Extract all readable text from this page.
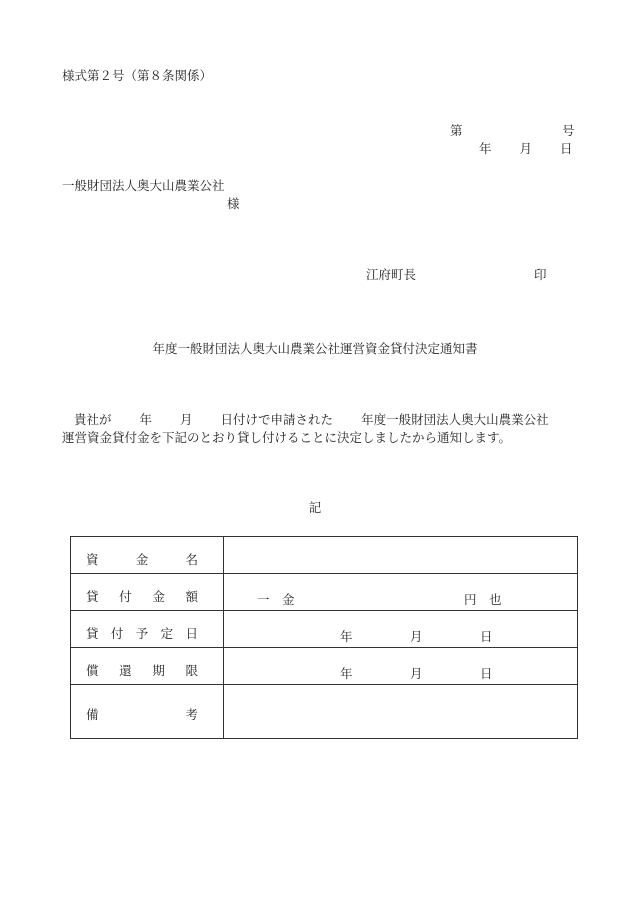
様式第２号（第８条関係）
第	号
年 月 日
一般財団法人奥大山農業公社
様
江府町長	印
年度一般財団法人奥大山農業公社運営資金貸付決定通知書

貴社が 年 月 日付けで申請された 年度一般財団法人奥大山農業公社

運営資金貸付金を下記のとおり貸し付けることに決定しましたから通知します。

記
資 金 名	

貸 付 金 額	一　金 円　也

貸 付 予 定 日	年 月 日

償 還 期 限	年 月 日

備 考	
